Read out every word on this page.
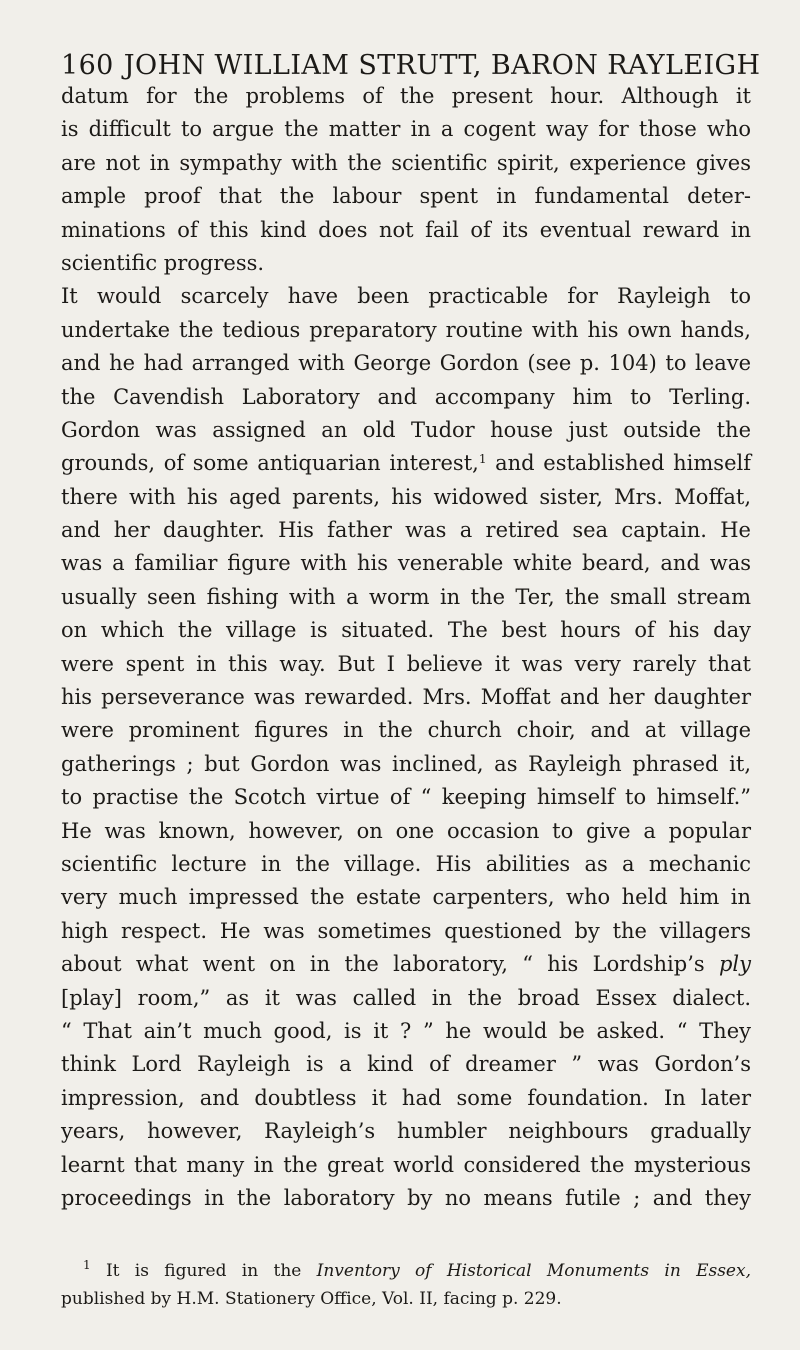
160 JOHN WILLIAM STRUTT, BARON RAYLEIGH
datum for the problems of the present hour. Although it
is difficult to argue the matter in a cogent way for those who
are not in sympathy with the scientific spirit, experience gives
ample proof that the labour spent in fundamental deter-
minations of this kind does not fail of its eventual reward in
scientific progress.
It would scarcely have been practicable for Rayleigh to
undertake the tedious preparatory routine with his own hands,
and he had arranged with George Gordon (see p. 104) to leave
the Cavendish Laboratory and accompany him to Terling.
Gordon was assigned an old Tudor house just outside the
grounds, of some antiquarian interest,$^1$ and established himself
there with his aged parents, his widowed sister, Mrs. Moffat,
and her daughter. His father was a retired sea captain. He
was a familiar figure with his venerable white beard, and was
usually seen fishing with a worm in the Ter, the small stream
on which the village is situated. The best hours of his day
were spent in this way. But I believe it was very rarely that
his perseverance was rewarded. Mrs. Moffat and her daughter
were prominent figures in the church choir, and at village
gatherings ; but Gordon was inclined, as Rayleigh phrased it,
to practise the Scotch virtue of “ keeping himself to himself.”
He was known, however, on one occasion to give a popular
scientific lecture in the village. His abilities as a mechanic
very much impressed the estate carpenters, who held him in
high respect. He was sometimes questioned by the villagers
about what went on in the laboratory, “ his Lordship’s ply
[play] room,” as it was called in the broad Essex dialect.
“ That ain’t much good, is it ? ” he would be asked. “ They
think Lord Rayleigh is a kind of dreamer ” was Gordon’s
impression, and doubtless it had some foundation. In later
years, however, Rayleigh’s humbler neighbours gradually
learnt that many in the great world considered the mysterious
proceedings in the laboratory by no means futile ; and they
$^1$ It is figured in the Inventory of Historical Monuments in Essex,
published by H.M. Stationery Office, Vol. II, facing p. 229.
